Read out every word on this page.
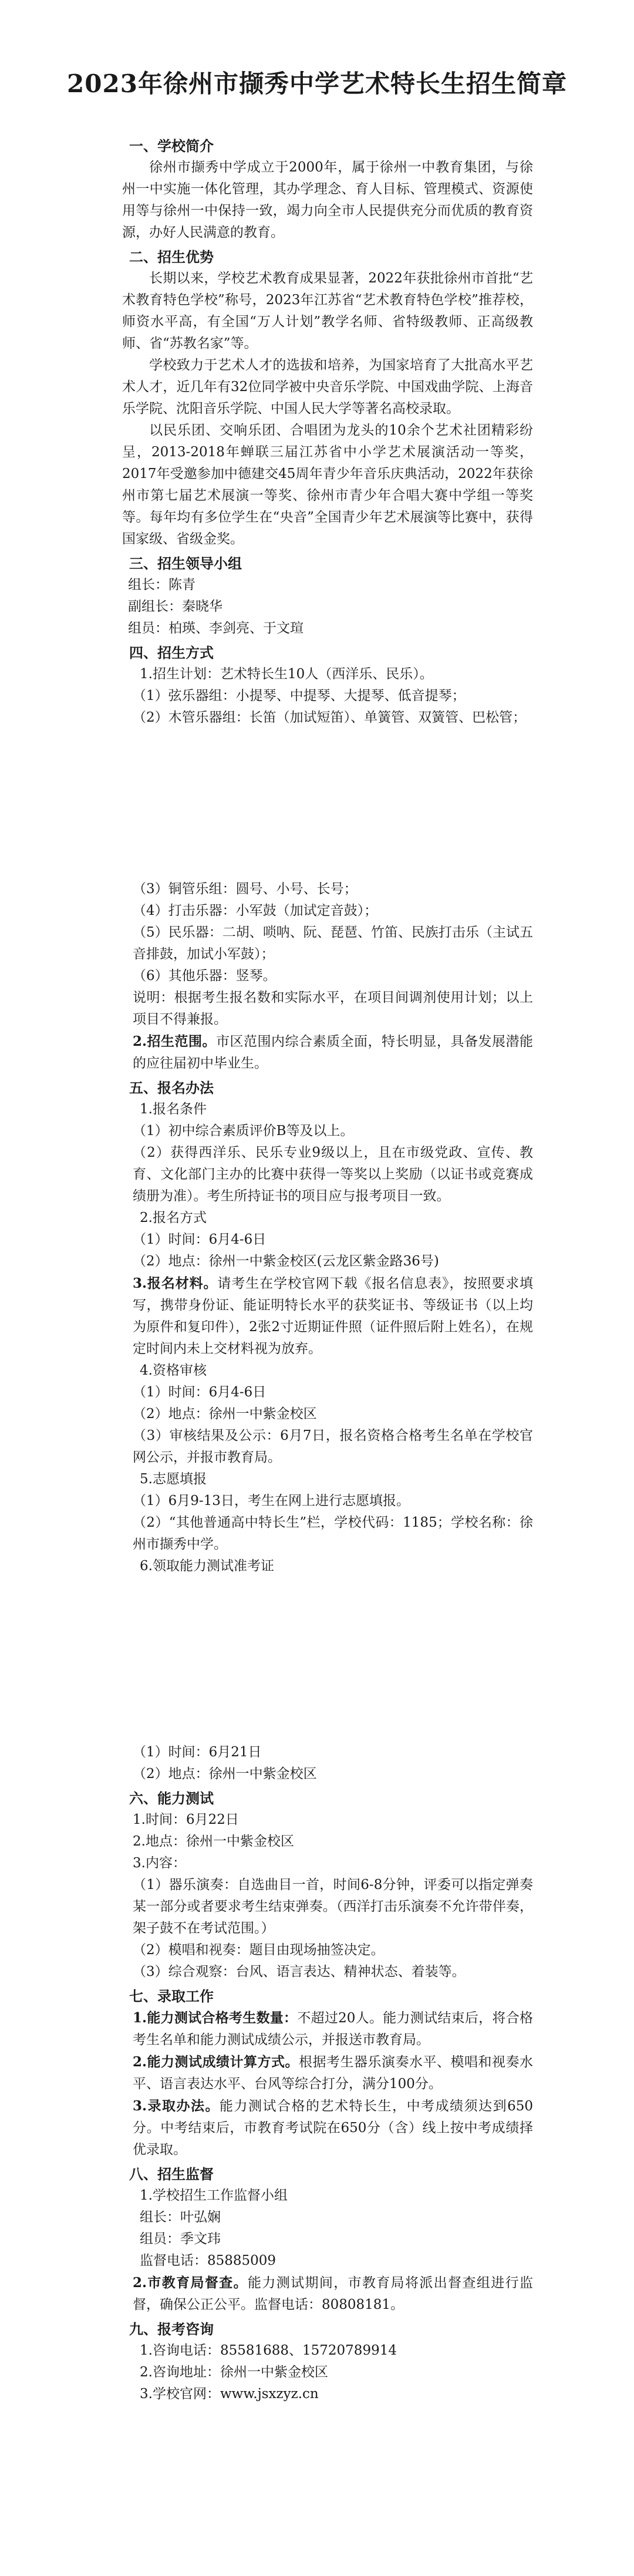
2023年徐州市撷秀中学艺术特长生招生简章
一、学校简介

徐州市撷秀中学成立于2000年，属于徐州一中教育集团，与徐州一中实施一体化管理，其办学理念、育人目标、管理模式、资源使用等与徐州一中保持一致，竭力向全市人民提供充分而优质的教育资源，办好人民满意的教育。

二、招生优势

长期以来，学校艺术教育成果显著，2022年获批徐州市首批“艺术教育特色学校”称号，2023年江苏省“艺术教育特色学校”推荐校，师资水平高，有全国“万人计划”教学名师、省特级教师、正高级教师、省“苏教名家”等。

学校致力于艺术人才的选拔和培养，为国家培育了大批高水平艺术人才，近几年有32位同学被中央音乐学院、中国戏曲学院、上海音乐学院、沈阳音乐学院、中国人民大学等著名高校录取。

以民乐团、交响乐团、合唱团为龙头的10余个艺术社团精彩纷呈，2013-2018年蝉联三届江苏省中小学艺术展演活动一等奖，2017年受邀参加中德建交45周年青少年音乐庆典活动，2022年获徐州市第七届艺术展演一等奖、徐州市青少年合唱大赛中学组一等奖等。每年均有多位学生在“央音”全国青少年艺术展演等比赛中，获得国家级、省级金奖。

三、招生领导小组

组长：陈青

副组长：秦晓华

组员：柏瑛、李剑亮、于文瑄

四、招生方式

1.招生计划：艺术特长生10人（西洋乐、民乐）。

（1）弦乐器组：小提琴、中提琴、大提琴、低音提琴；

（2）木管乐器组：长笛（加试短笛）、单簧管、双簧管、巴松管；

（3）铜管乐组：圆号、小号、长号；

（4）打击乐器：小军鼓（加试定音鼓）；

（5）民乐器：二胡、唢呐、阮、琵琶、竹笛、民族打击乐（主试五音排鼓，加试小军鼓）；

（6）其他乐器：竖琴。

说明：根据考生报名数和实际水平，在项目间调剂使用计划；以上项目不得兼报。

2.招生范围。市区范围内综合素质全面，特长明显，具备发展潜能的应往届初中毕业生。

五、报名办法

1.报名条件

（1）初中综合素质评价B等及以上。

（2）获得西洋乐、民乐专业9级以上，且在市级党政、宣传、教育、文化部门主办的比赛中获得一等奖以上奖励（以证书或竞赛成绩册为准）。考生所持证书的项目应与报考项目一致。

2.报名方式

（1）时间：6月4-6日

（2）地点：徐州一中紫金校区(云龙区紫金路36号)

3.报名材料。请考生在学校官网下载《报名信息表》，按照要求填写，携带身份证、能证明特长水平的获奖证书、等级证书（以上均为原件和复印件），2张2寸近期证件照（证件照后附上姓名），在规定时间内未上交材料视为放弃。

4.资格审核

（1）时间：6月4-6日

（2）地点：徐州一中紫金校区

（3）审核结果及公示：6月7日，报名资格合格考生名单在学校官网公示，并报市教育局。

5.志愿填报

（1）6月9-13日，考生在网上进行志愿填报。

（2）“其他普通高中特长生”栏，学校代码：1185；学校名称：徐州市撷秀中学。

6.领取能力测试准考证

（1）时间：6月21日

（2）地点：徐州一中紫金校区

六、能力测试

1.时间：6月22日

2.地点：徐州一中紫金校区

3.内容：

（1）器乐演奏：自选曲目一首，时间6-8分钟，评委可以指定弹奏某一部分或者要求考生结束弹奏。（西洋打击乐演奏不允许带伴奏，架子鼓不在考试范围。）

（2）模唱和视奏：题目由现场抽签决定。

（3）综合观察：台风、语言表达、精神状态、着装等。

七、录取工作

1.能力测试合格考生数量：不超过20人。能力测试结束后，将合格考生名单和能力测试成绩公示，并报送市教育局。

2.能力测试成绩计算方式。根据考生器乐演奏水平、模唱和视奏水平、语言表达水平、台风等综合打分，满分100分。

3.录取办法。能力测试合格的艺术特长生，中考成绩须达到650分。中考结束后，市教育考试院在650分（含）线上按中考成绩择优录取。

八、招生监督

1.学校招生工作监督小组

组长：叶弘娴

组员：季文玮

监督电话：85885009

2.市教育局督查。能力测试期间，市教育局将派出督查组进行监督，确保公正公平。监督电话：80808181。

九、报考咨询

1.咨询电话：85581688、15720789914

2.咨询地址：徐州一中紫金校区

3.学校官网：www.jsxzyz.cn
